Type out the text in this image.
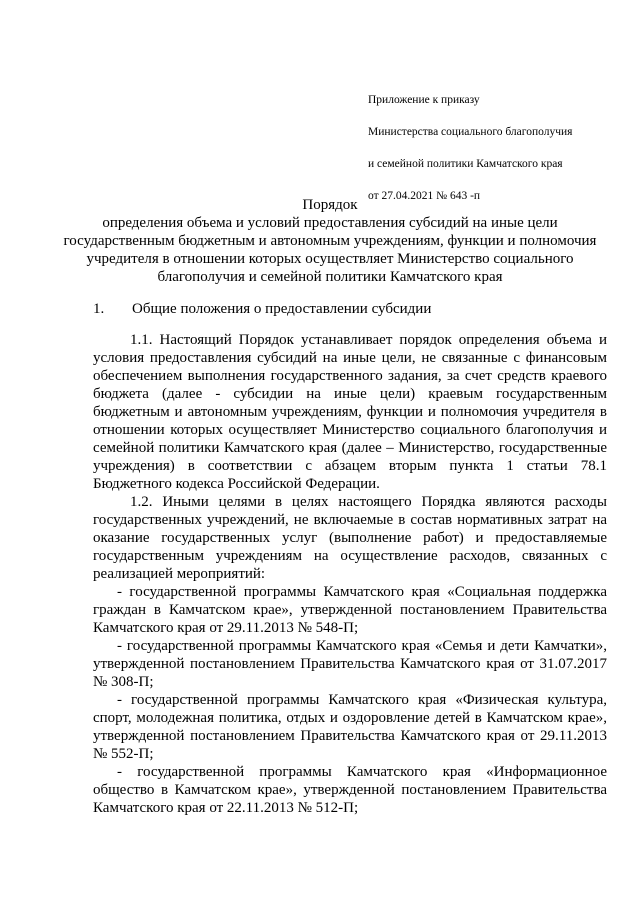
Приложение к приказу
Министерства социального благополучия
и семейной политики Камчатского края
от 27.04.2021 № 643 -п
Порядок
определения объема и условий предоставления субсидий на иные цели государственным бюджетным и автономным учреждениям, функции и полномочия учредителя в отношении которых осуществляет Министерство социального благополучия и семейной политики Камчатского края
1. Общие положения о предоставлении субсидии

1.1. Настоящий Порядок устанавливает порядок определения объема и условия предоставления субсидий на иные цели, не связанные с финансовым обеспечением выполнения государственного задания, за счет средств краевого бюджета (далее - субсидии на иные цели) краевым государственным бюджетным и автономным учреждениям, функции и полномочия учредителя в отношении которых осуществляет Министерство социального благополучия и семейной политики Камчатского края (далее – Министерство, государственные учреждения) в соответствии с абзацем вторым пункта 1 статьи 78.1 Бюджетного кодекса Российской Федерации.

1.2. Иными целями в целях настоящего Порядка являются расходы государственных учреждений, не включаемые в состав нормативных затрат на оказание государственных услуг (выполнение работ) и предоставляемые государственным учреждениям на осуществление расходов, связанных с реализацией мероприятий:

- государственной программы Камчатского края «Социальная поддержка граждан в Камчатском крае», утвержденной постановлением Правительства Камчатского края от 29.11.2013 № 548-П;

- государственной программы Камчатского края «Семья и дети Камчатки», утвержденной постановлением Правительства Камчатского края от 31.07.2017 № 308-П;

- государственной программы Камчатского края «Физическая культура, спорт, молодежная политика, отдых и оздоровление детей в Камчатском крае», утвержденной постановлением Правительства Камчатского края от 29.11.2013 № 552-П;

- государственной программы Камчатского края «Информационное общество в Камчатском крае», утвержденной постановлением Правительства Камчатского края от 22.11.2013 № 512-П;
